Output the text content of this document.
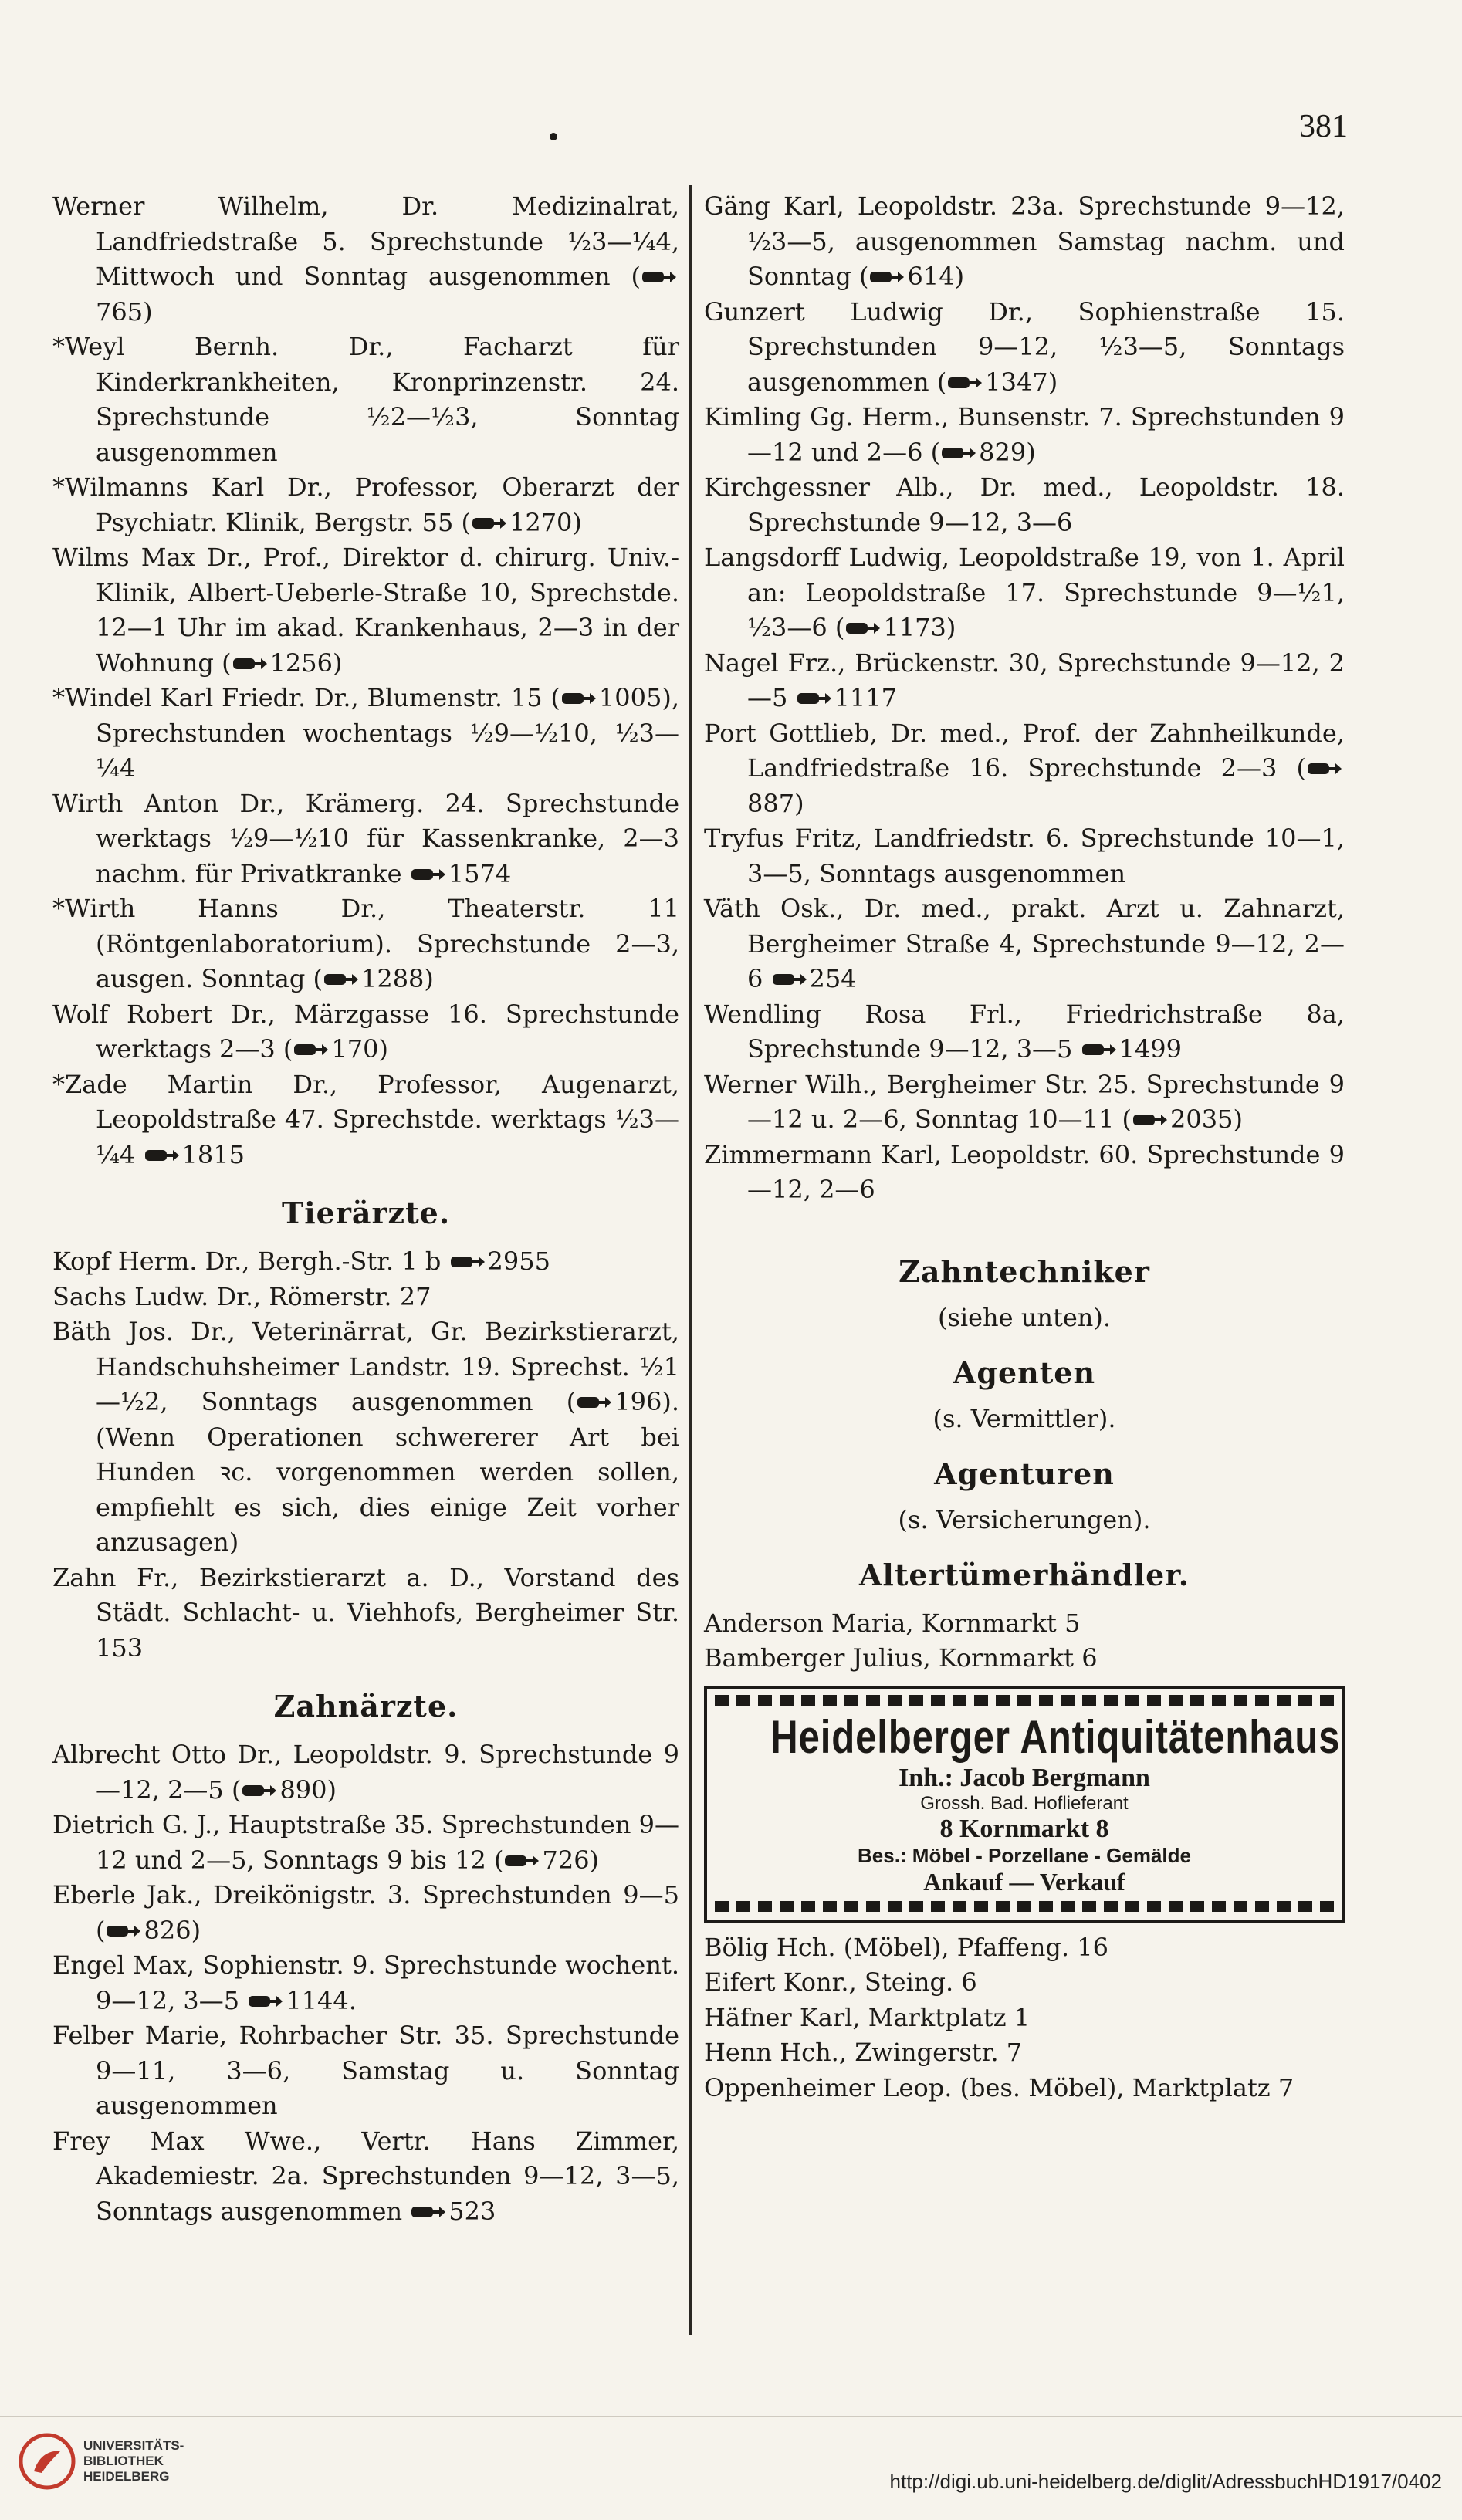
381

Werner Wilhelm, Dr. Medizinalrat, Landfriedstraße 5. Sprechstunde ½3—¼4, Mittwoch und Sonntag ausgenommen (765)

*Weyl Bernh. Dr., Facharzt für Kinderkrankheiten, Kronprinzenstr. 24. Sprechstunde ½2—½3, Sonntag ausgenommen

*Wilmanns Karl Dr., Professor, Oberarzt der Psychiatr. Klinik, Bergstr. 55 ( 1270)

Wilms Max Dr., Prof., Direktor d. chirurg. Univ.-Klinik, Albert-Ueberle-Straße 10, Sprechstde. 12—1 Uhr im akad. Krankenhaus, 2—3 in der Wohnung ( 1256)

*Windel Karl Friedr. Dr., Blumenstr. 15 ( 1005), Sprechstunden wochentags ½9—½10, ½3—¼4

Wirth Anton Dr., Krämerg. 24. Sprechstunde werktags ½9—½10 für Kassenkranke, 2—3 nachm. für Privatkranke 1574

*Wirth Hanns Dr., Theaterstr. 11 (Röntgenlaboratorium). Sprechstunde 2—3, ausgen. Sonntag ( 1288)

Wolf Robert Dr., Märzgasse 16. Sprechstunde werktags 2—3 ( 170)

*Zade Martin Dr., Professor, Augenarzt, Leopoldstraße 47. Sprechstde. werktags ½3—¼4 1815

Tierärzte.

Kopf Herm. Dr., Bergh.-Str. 1 b 2955

Sachs Ludw. Dr., Römerstr. 27

Bäth Jos. Dr., Veterinärrat, Gr. Bezirkstierarzt, Handschuhsheimer Landstr. 19. Sprechst. ½1—½2, Sonntags ausgenommen ( 196). (Wenn Operationen schwererer Art bei Hunden ꝛc. vorgenommen werden sollen, empfiehlt es sich, dies einige Zeit vorher anzusagen)

Zahn Fr., Bezirkstierarzt a. D., Vorstand des Städt. Schlacht- u. Viehhofs, Bergheimer Str. 153

Zahnärzte.

Albrecht Otto Dr., Leopoldstr. 9. Sprechstunde 9—12, 2—5 ( 890)

Dietrich G. J., Hauptstraße 35. Sprechstunden 9—12 und 2—5, Sonntags 9 bis 12 ( 726)

Eberle Jak., Dreikönigstr. 3. Sprechstunden 9—5 ( 826)

Engel Max, Sophienstr. 9. Sprechstunde wochent. 9—12, 3—5 1144.

Felber Marie, Rohrbacher Str. 35. Sprechstunde 9—11, 3—6, Samstag u. Sonntag ausgenommen

Frey Max Wwe., Vertr. Hans Zimmer, Akademiestr. 2a. Sprechstunden 9—12, 3—5, Sonntags ausgenommen 523

Gäng Karl, Leopoldstr. 23a. Sprechstunde 9—12, ½3—5, ausgenommen Samstag nachm. und Sonntag ( 614)

Gunzert Ludwig Dr., Sophienstraße 15. Sprechstunden 9—12, ½3—5, Sonntags ausgenommen ( 1347)

Kimling Gg. Herm., Bunsenstr. 7. Sprechstunden 9—12 und 2—6 ( 829)

Kirchgessner Alb., Dr. med., Leopoldstr. 18. Sprechstunde 9—12, 3—6

Langsdorff Ludwig, Leopoldstraße 19, von 1. April an: Leopoldstraße 17. Sprechstunde 9—½1, ½3—6 ( 1173)

Nagel Frz., Brückenstr. 30, Sprechstunde 9—12, 2—5 1117

Port Gottlieb, Dr. med., Prof. der Zahnheilkunde, Landfriedstraße 16. Sprechstunde 2—3 (887)

Tryfus Fritz, Landfriedstr. 6. Sprechstunde 10—1, 3—5, Sonntags ausgenommen

Väth Osk., Dr. med., prakt. Arzt u. Zahnarzt, Bergheimer Straße 4, Sprechstunde 9—12, 2—6 254

Wendling Rosa Frl., Friedrichstraße 8a, Sprechstunde 9—12, 3—5 1499

Werner Wilh., Bergheimer Str. 25. Sprechstunde 9—12 u. 2—6, Sonntag 10—11 ( 2035)

Zimmermann Karl, Leopoldstr. 60. Sprechstunde 9—12, 2—6

Zahntechniker
(siehe unten).
Agenten
(s. Vermittler).
Agenturen
(s. Versicherungen).
Altertümerhändler.

Anderson Maria, Kornmarkt 5

Bamberger Julius, Kornmarkt 6

Heidelberger Antiquitätenhaus
Inh.: Jacob Bergmann
Grossh. Bad. Hoflieferant
8 Kornmarkt 8
Bes.: Möbel - Porzellane - Gemälde
Ankauf — Verkauf

Bölig Hch. (Möbel), Pfaffeng. 16

Eifert Konr., Steing. 6

Häfner Karl, Marktplatz 1

Henn Hch., Zwingerstr. 7

Oppenheimer Leop. (bes. Möbel), Marktplatz 7

UNIVERSITÄTS-
BIBLIOTHEK
HEIDELBERG	http://digi.ub.uni-heidelberg.de/diglit/AdressbuchHD1917/0402
